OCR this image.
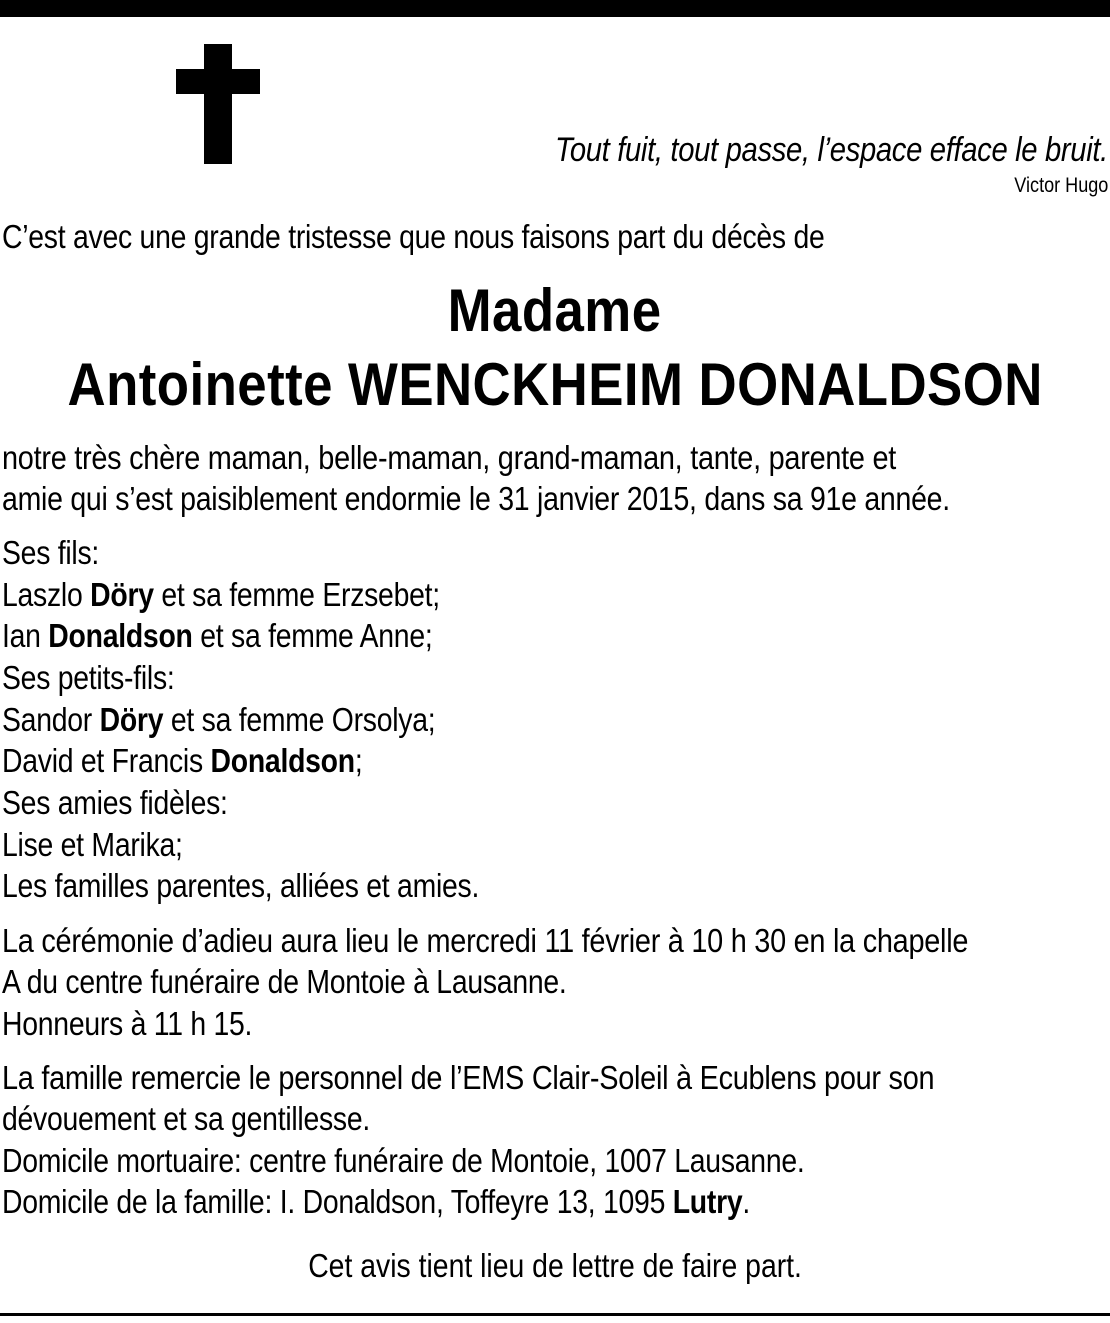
Tout fuit, tout passe, l’espace efface le bruit.
Victor Hugo
C’est avec une grande tristesse que nous faisons part du décès de
Madame
Antoinette WENCKHEIM DONALDSON
notre très chère maman, belle-maman, grand-maman, tante, parente et
amie qui s’est paisiblement endormie le 31 janvier 2015, dans sa 91e année.
Ses fils:
Laszlo Döry et sa femme Erzsebet;
Ian Donaldson et sa femme Anne;
Ses petits-fils:
Sandor Döry et sa femme Orsolya;
David et Francis Donaldson;
Ses amies fidèles:
Lise et Marika;
Les familles parentes, alliées et amies.
La cérémonie d’adieu aura lieu le mercredi 11 février à 10 h 30 en la chapelle
A du centre funéraire de Montoie à Lausanne.
Honneurs à 11 h 15.
La famille remercie le personnel de l’EMS Clair-Soleil à Ecublens pour son
dévouement et sa gentillesse.
Domicile mortuaire: centre funéraire de Montoie, 1007 Lausanne.
Domicile de la famille: I. Donaldson, Toffeyre 13, 1095 Lutry.
Cet avis tient lieu de lettre de faire part.
